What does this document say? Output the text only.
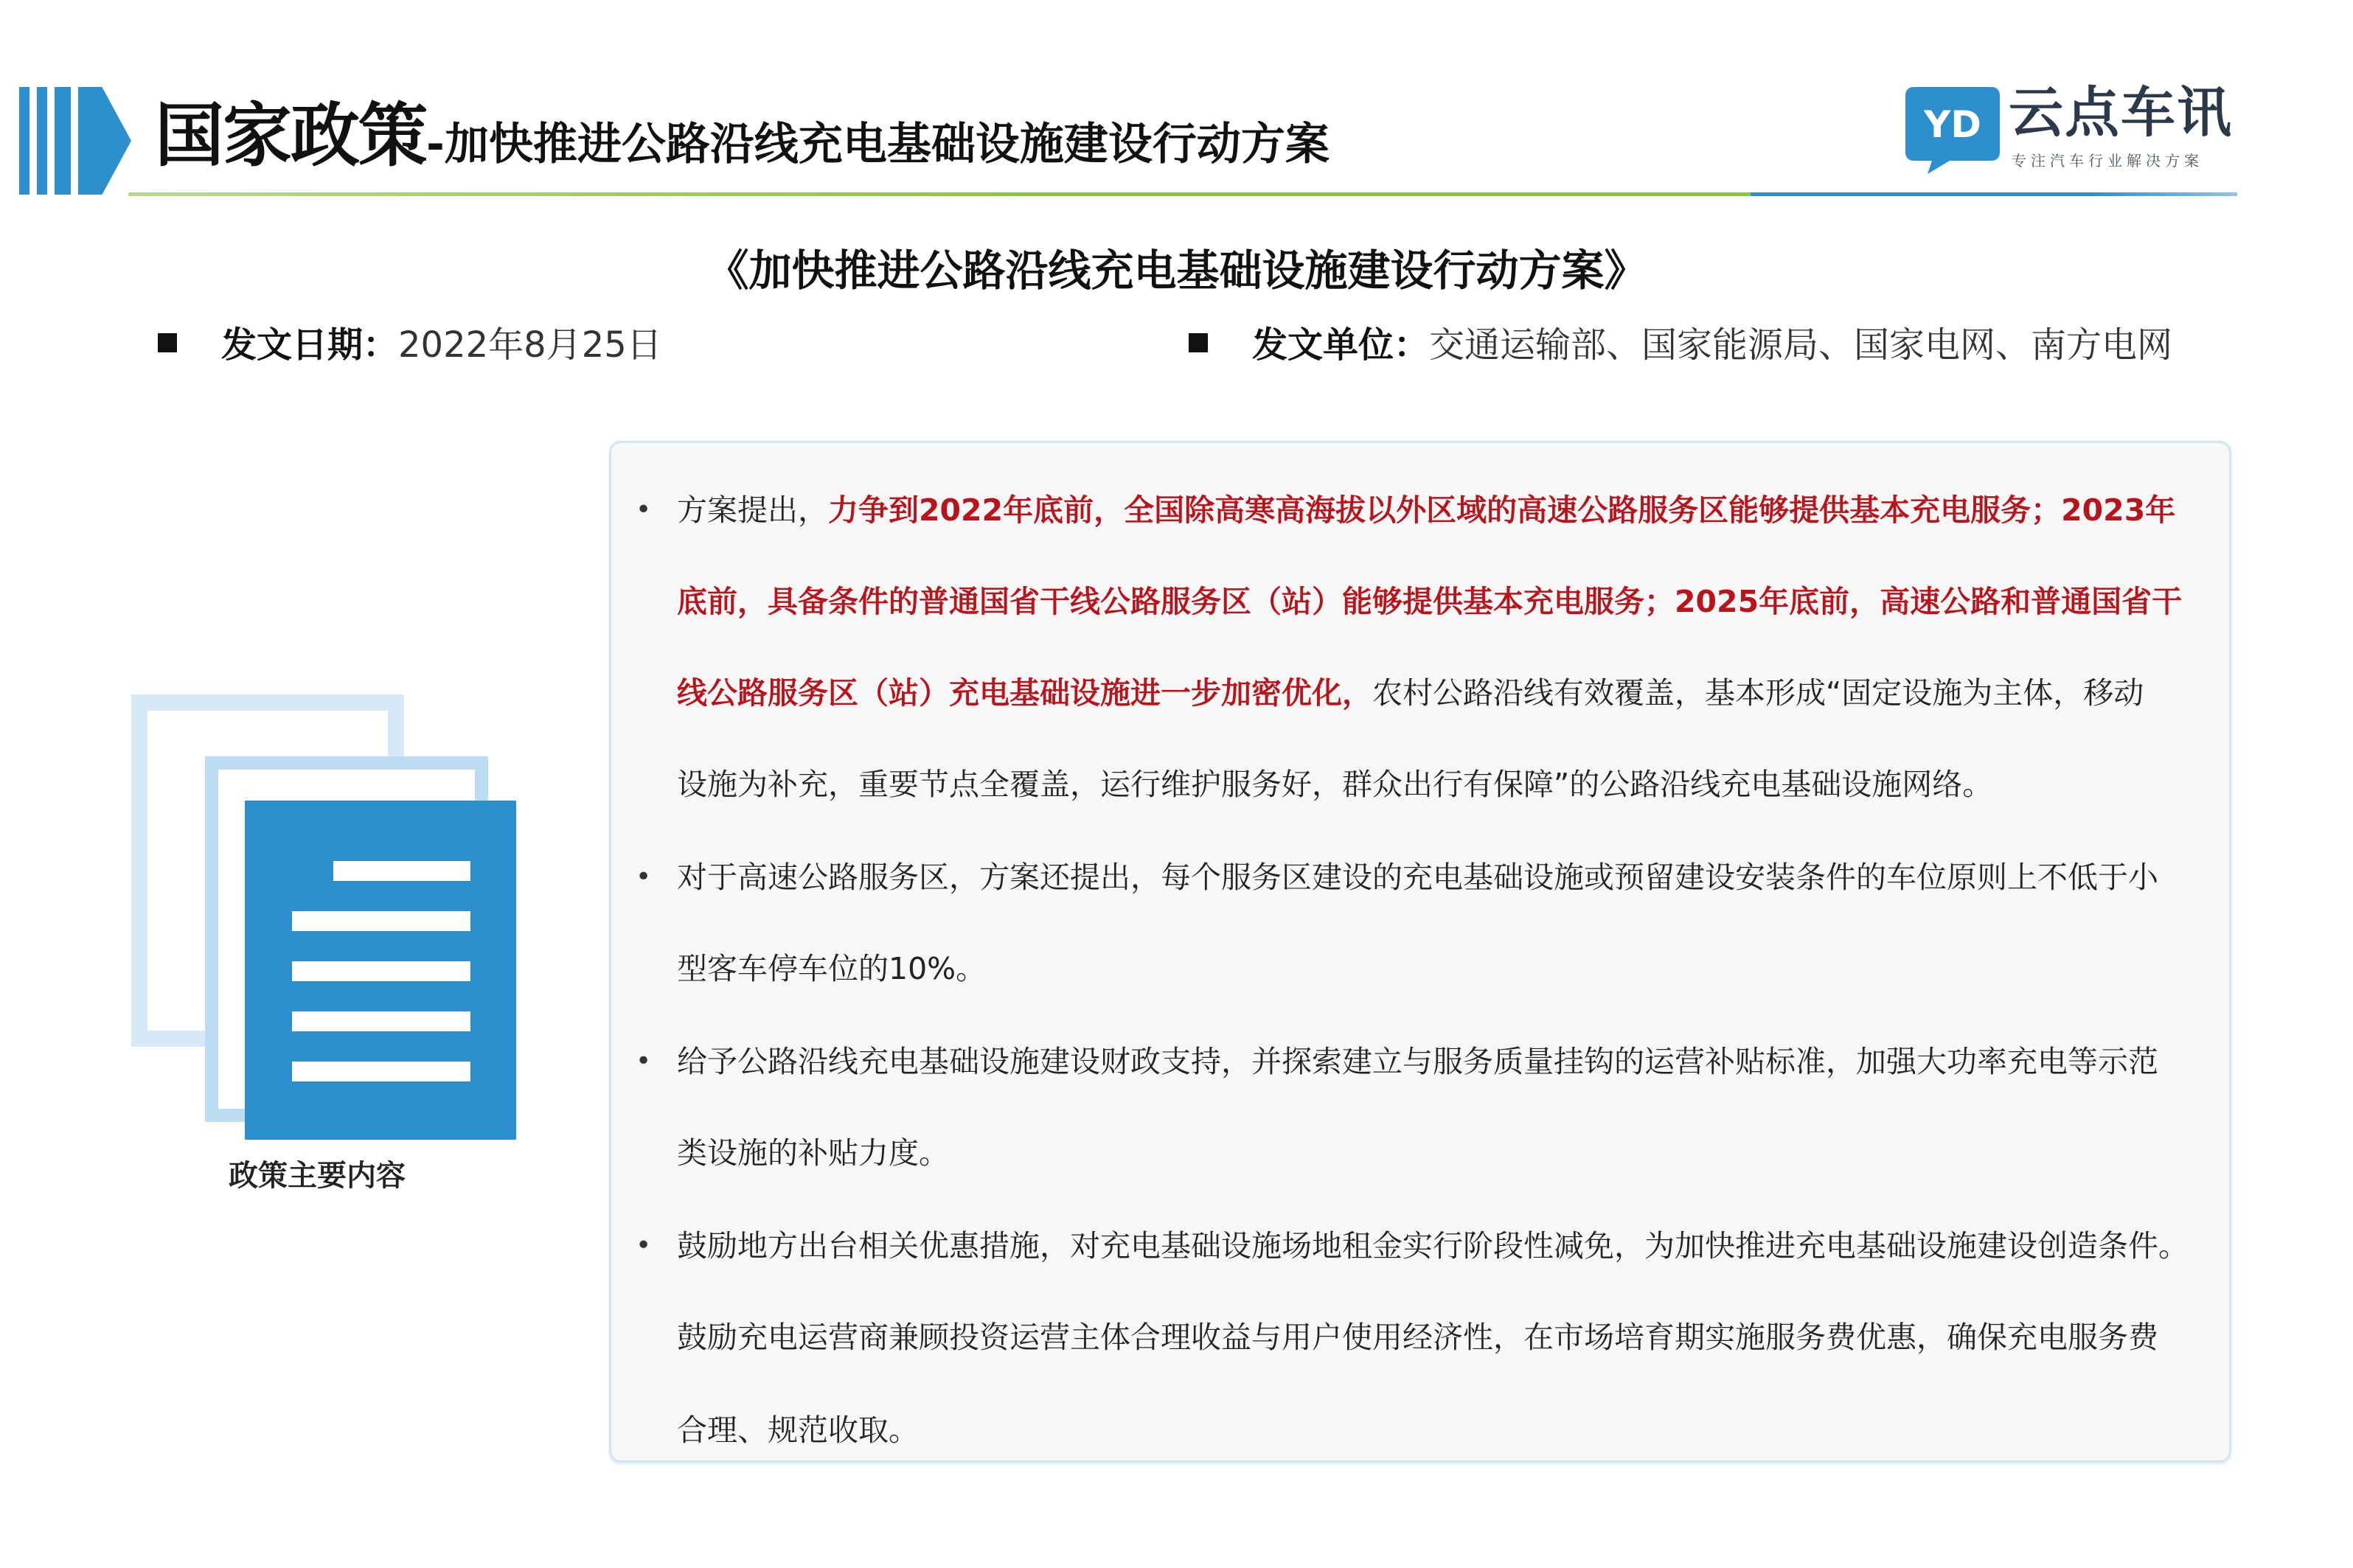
国家政策-加快推进公路沿线充电基础设施建设行动方案	YD 云点车讯
专注汽车行业解决方案
《加快推进公路沿线充电基础设施建设行动方案》
发文日期：2022年8月25日	发文单位：交通运输部、国家能源局、国家电网、南方电网
政策主要内容
• 方案提出，力争到2022年底前，全国除高寒高海拔以外区域的高速公路服务区能够提供基本充电服务；2023年
底前，具备条件的普通国省干线公路服务区（站）能够提供基本充电服务；2025年底前，高速公路和普通国省干
线公路服务区（站）充电基础设施进一步加密优化，农村公路沿线有效覆盖，基本形成“固定设施为主体，移动
设施为补充，重要节点全覆盖，运行维护服务好，群众出行有保障”的公路沿线充电基础设施网络。
• 对于高速公路服务区，方案还提出，每个服务区建设的充电基础设施或预留建设安装条件的车位原则上不低于小
型客车停车位的10%。
• 给予公路沿线充电基础设施建设财政支持，并探索建立与服务质量挂钩的运营补贴标准，加强大功率充电等示范
类设施的补贴力度。
• 鼓励地方出台相关优惠措施，对充电基础设施场地租金实行阶段性减免，为加快推进充电基础设施建设创造条件。
鼓励充电运营商兼顾投资运营主体合理收益与用户使用经济性，在市场培育期实施服务费优惠，确保充电服务费
合理、规范收取。
